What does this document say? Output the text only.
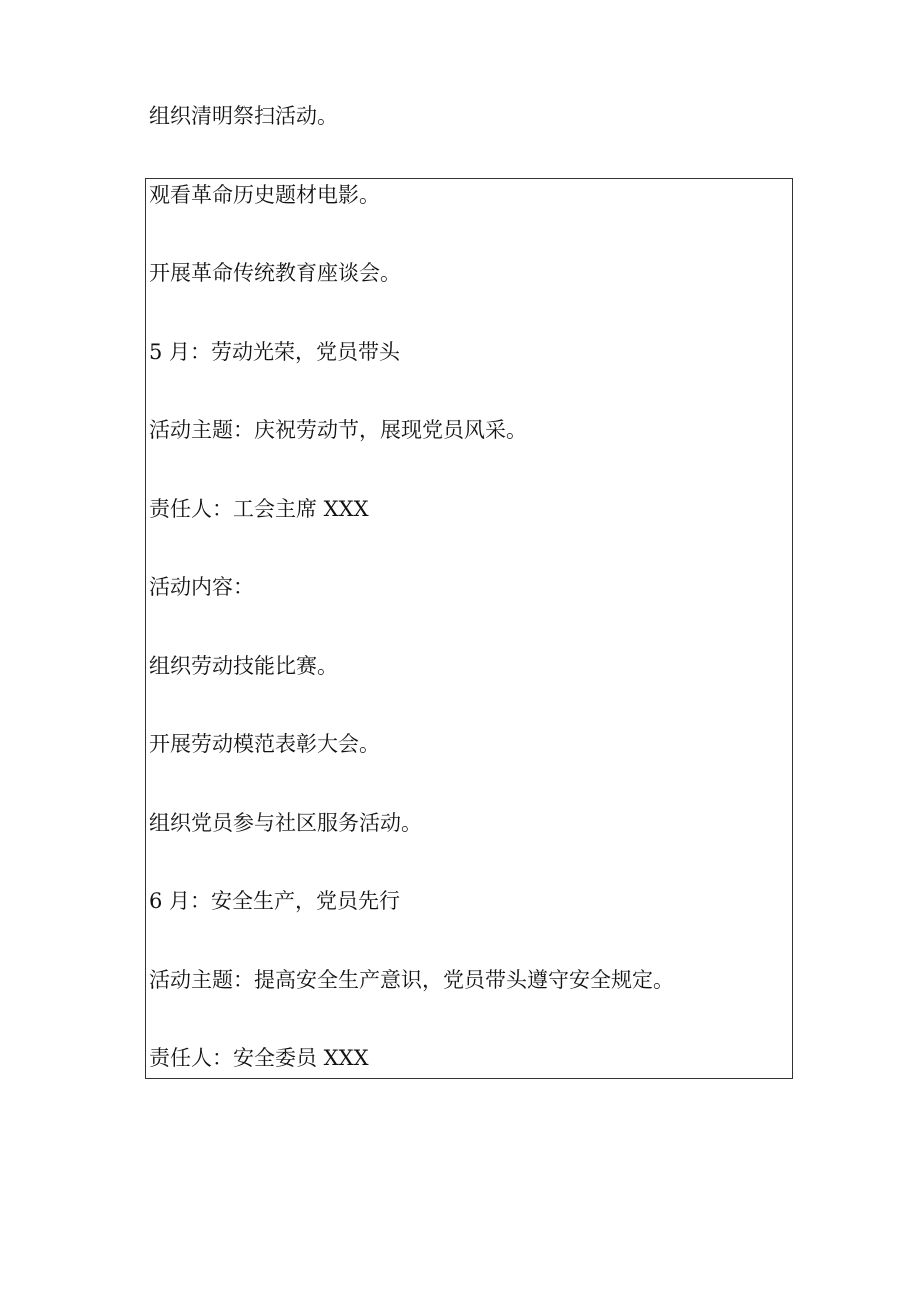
组织清明祭扫活动。

观看革命历史题材电影。

开展革命传统教育座谈会。

5 月：劳动光荣，党员带头

活动主题：庆祝劳动节，展现党员风采。

责任人：工会主席 XXX

活动内容：

组织劳动技能比赛。

开展劳动模范表彰大会。

组织党员参与社区服务活动。

6 月：安全生产，党员先行

活动主题：提高安全生产意识，党员带头遵守安全规定。

责任人：安全委员 XXX
